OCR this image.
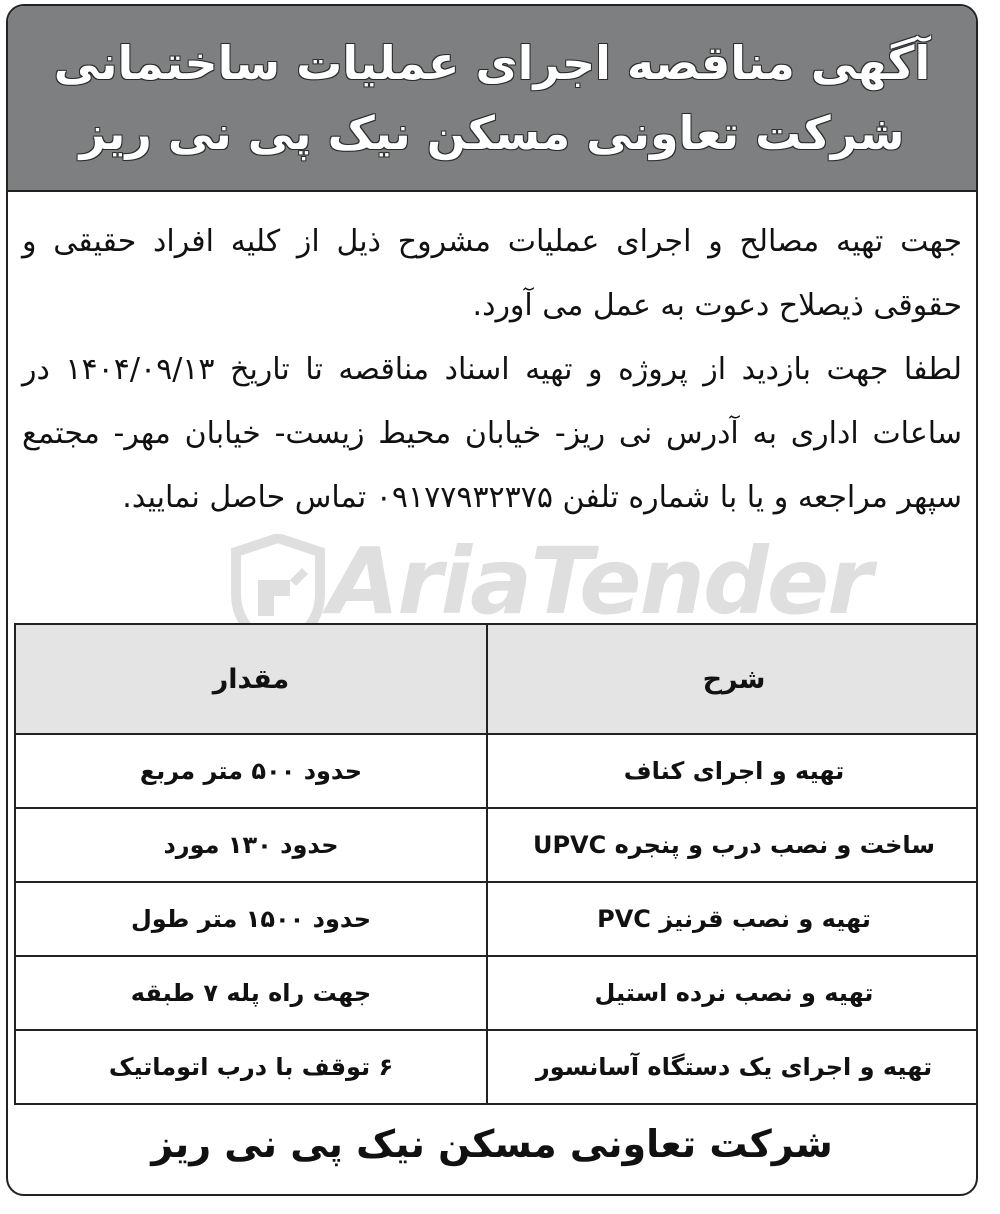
آگهی مناقصه اجرای عملیات ساختمانی
شرکت تعاونی مسکن نیک پی نی ریز
AriaTender

جهت تهیه مصالح و اجرای عملیات مشروح ذیل از کلیه افراد حقیقی و حقوقی ذیصلاح دعوت به عمل می آورد.

لطفا جهت بازدید از پروژه و تهیه اسناد مناقصه تا تاریخ ۱۴۰۴/۰۹/۱۳ در ساعات اداری به آدرس نی ریز- خیابان محیط زیست- خیابان مهر- مجتمع سپهر مراجعه و یا با شماره تلفن ۰۹۱۷۷۹۳۲۳۷۵ تماس حاصل نمایید.

شرح	مقدار
تهیه و اجرای کناف	حدود ۵۰۰ متر مربع
ساخت و نصب درب و پنجره UPVC	حدود ۱۳۰ مورد
تهیه و نصب قرنیز PVC	حدود ۱۵۰۰ متر طول
تهیه و نصب نرده استیل	جهت راه پله ۷ طبقه
تهیه و اجرای یک دستگاه آسانسور	۶ توقف با درب اتوماتیک
شرکت تعاونی مسکن نیک پی نی ریز
